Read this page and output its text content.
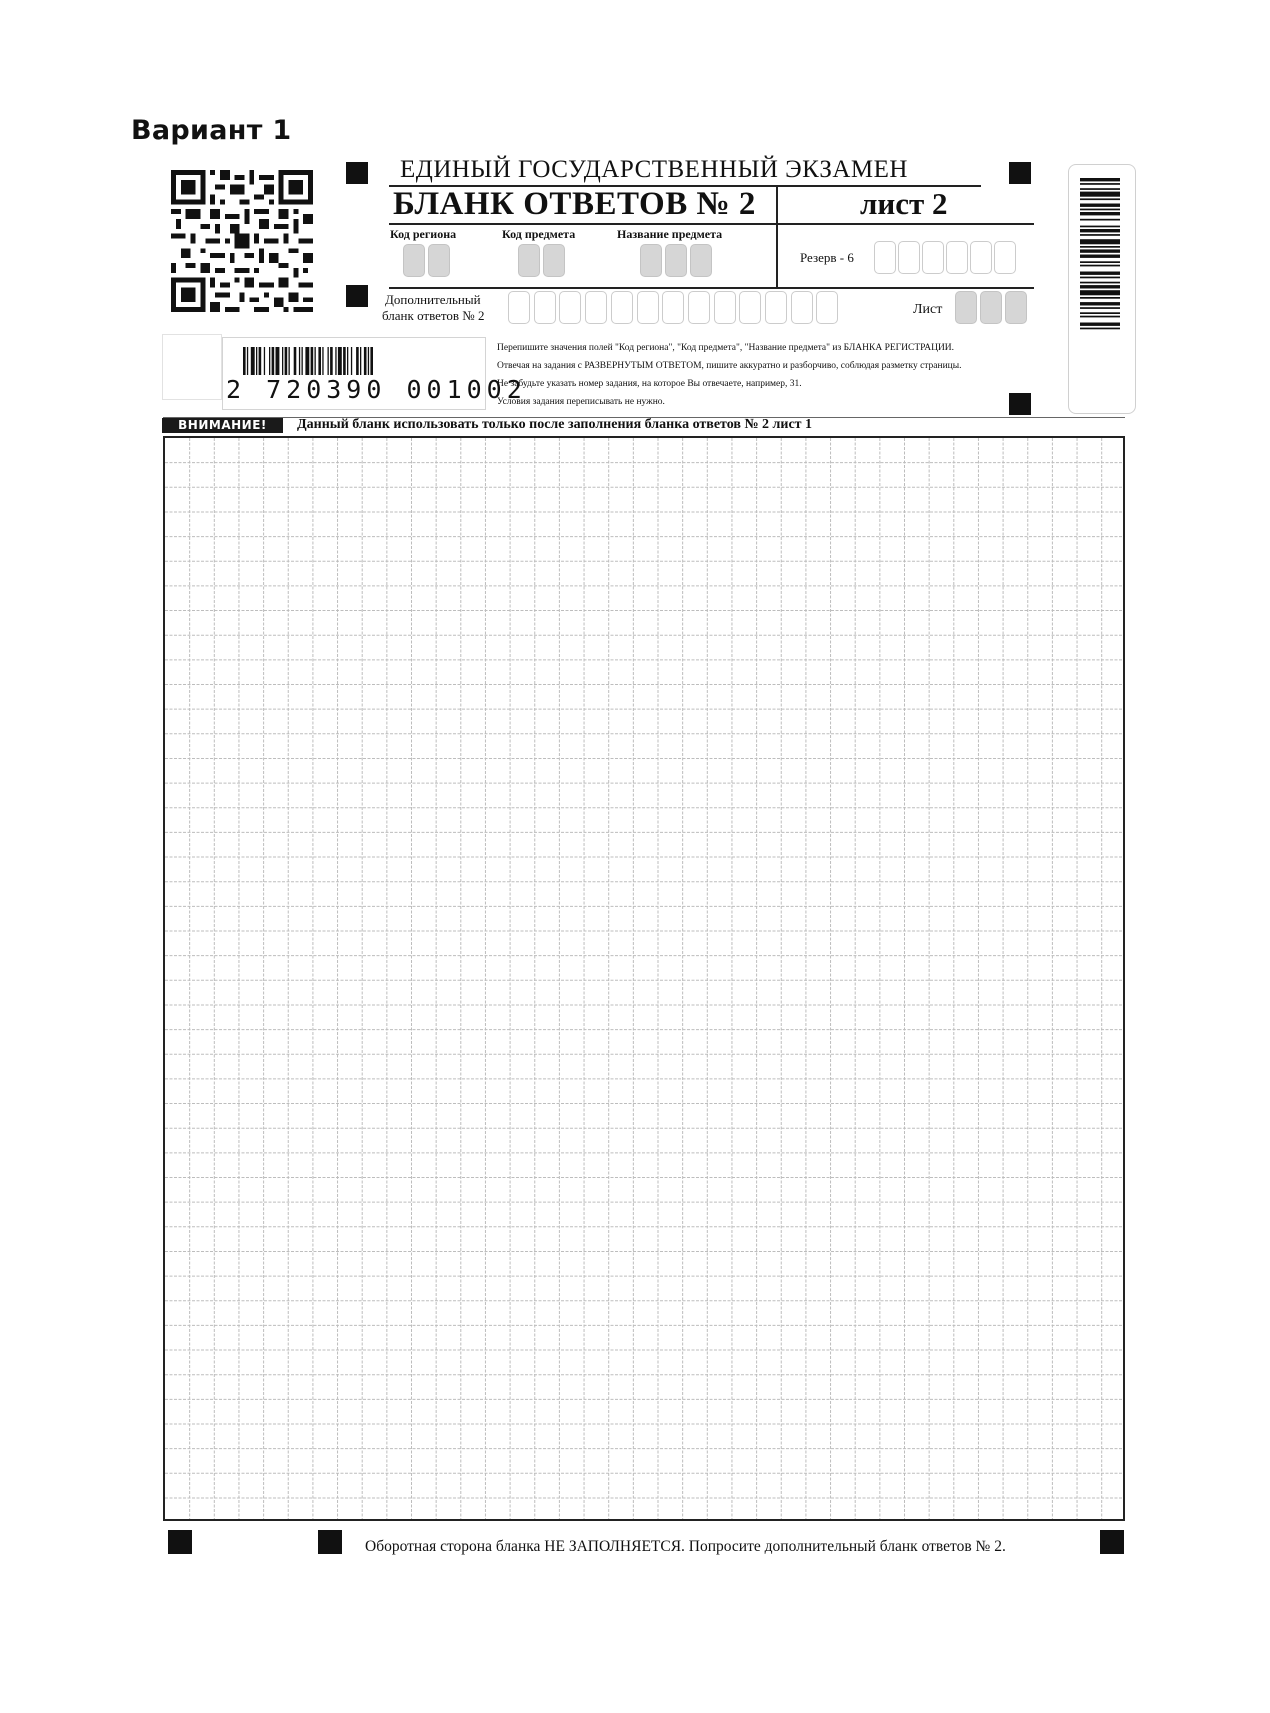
Вариант 1
ЕДИНЫЙ ГОСУДАРСТВЕННЫЙ ЭКЗАМЕН
БЛАНК ОТВЕТОВ № 2	лист 2
Код региона	Код предмета	Название предмета
Резерв - 6
Дополнительный
бланк ответов № 2	Лист
2 720390 001002
Перепишите значения полей "Код региона", "Код предмета", "Название предмета" из БЛАНКА РЕГИСТРАЦИИ.
Отвечая на задания с РАЗВЕРНУТЫМ ОТВЕТОМ, пишите аккуратно и разборчиво, соблюдая разметку страницы.
Не забудьте указать номер задания, на которое Вы отвечаете, например, 31.
Условия задания переписывать не нужно.
ВНИМАНИЕ!	Данный бланк использовать только после заполнения бланка ответов № 2 лист 1
Оборотная сторона бланка НЕ ЗАПОЛНЯЕТСЯ. Попросите дополнительный бланк ответов № 2.
